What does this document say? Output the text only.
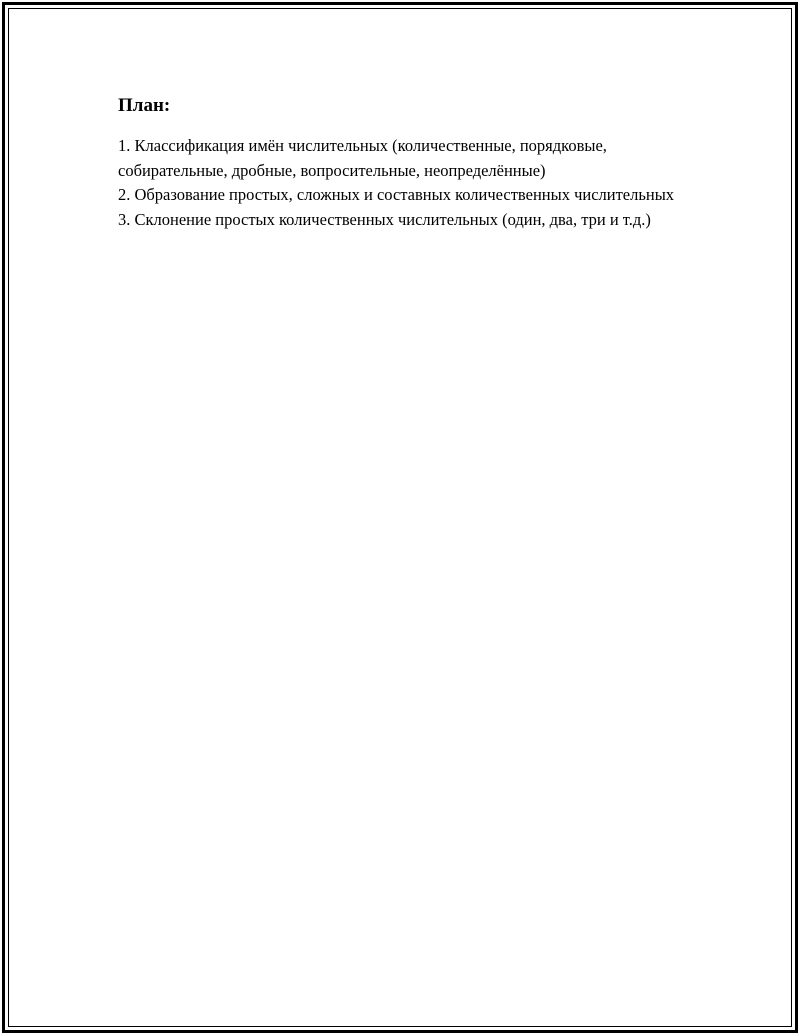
План:
1. Классификация имён числительных (количественные, порядковые, собирательные, дробные, вопросительные, неопределённые)
2. Образование простых, сложных и составных количественных числительных
3. Склонение простых количественных числительных (один, два, три и т.д.)
